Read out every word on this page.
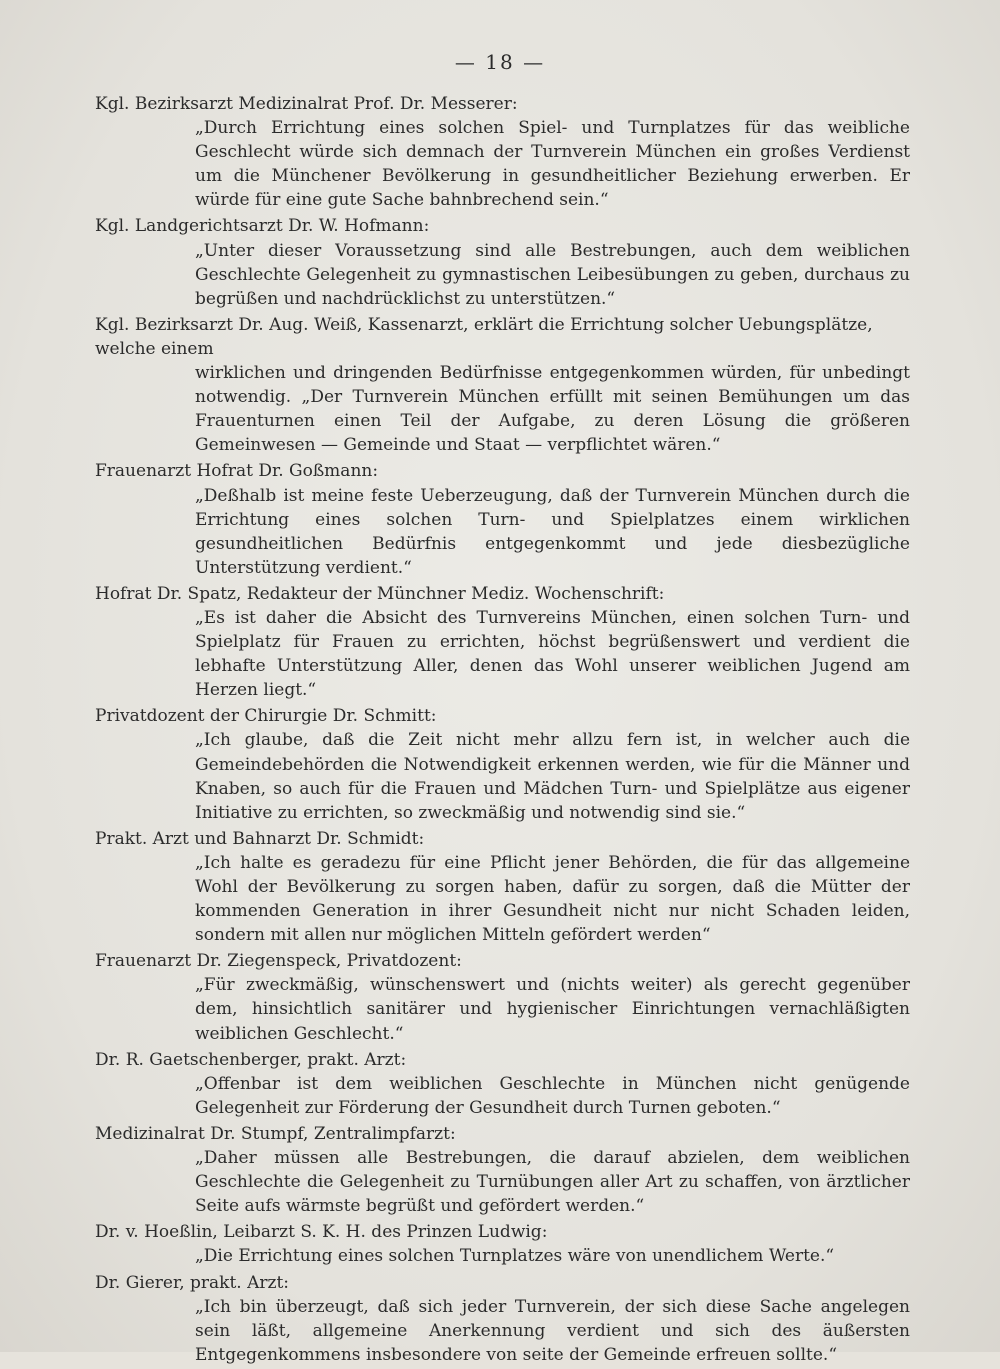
— 18 —
Kgl. Bezirksarzt Medizinalrat Prof. Dr. Messerer:
„Durch Errichtung eines solchen Spiel- und Turnplatzes für das weibliche Geschlecht würde sich demnach der Turnverein München ein großes Verdienst um die Münchener Bevölkerung in gesundheitlicher Beziehung erwerben. Er würde für eine gute Sache bahnbrechend sein.“
Kgl. Landgerichtsarzt Dr. W. Hofmann:
„Unter dieser Voraussetzung sind alle Bestrebungen, auch dem weiblichen Geschlechte Gelegenheit zu gymnastischen Leibesübungen zu geben, durchaus zu begrüßen und nachdrücklichst zu unterstützen.“
Kgl. Bezirksarzt Dr. Aug. Weiß, Kassenarzt, erklärt die Errichtung solcher Uebungsplätze, welche einem
wirklichen und dringenden Bedürfnisse entgegenkommen würden, für unbedingt notwendig. „Der Turnverein München erfüllt mit seinen Bemühungen um das Frauenturnen einen Teil der Aufgabe, zu deren Lösung die größeren Gemeinwesen — Gemeinde und Staat — verpflichtet wären.“
Frauenarzt Hofrat Dr. Goßmann:
„Deßhalb ist meine feste Ueberzeugung, daß der Turnverein München durch die Errichtung eines solchen Turn- und Spielplatzes einem wirklichen gesundheitlichen Bedürfnis entgegenkommt und jede diesbezügliche Unterstützung verdient.“
Hofrat Dr. Spatz, Redakteur der Münchner Mediz. Wochenschrift:
„Es ist daher die Absicht des Turnvereins München, einen solchen Turn- und Spielplatz für Frauen zu errichten, höchst begrüßenswert und verdient die lebhafte Unterstützung Aller, denen das Wohl unserer weiblichen Jugend am Herzen liegt.“
Privatdozent der Chirurgie Dr. Schmitt:
„Ich glaube, daß die Zeit nicht mehr allzu fern ist, in welcher auch die Gemeindebehörden die Notwendigkeit erkennen werden, wie für die Männer und Knaben, so auch für die Frauen und Mädchen Turn- und Spielplätze aus eigener Initiative zu errichten, so zweckmäßig und notwendig sind sie.“
Prakt. Arzt und Bahnarzt Dr. Schmidt:
„Ich halte es geradezu für eine Pflicht jener Behörden, die für das allgemeine Wohl der Bevölkerung zu sorgen haben, dafür zu sorgen, daß die Mütter der kommenden Generation in ihrer Gesundheit nicht nur nicht Schaden leiden, sondern mit allen nur möglichen Mitteln gefördert werden“
Frauenarzt Dr. Ziegenspeck, Privatdozent:
„Für zweckmäßig, wünschenswert und (nichts weiter) als gerecht gegenüber dem, hinsichtlich sanitärer und hygienischer Einrichtungen vernachläßigten weiblichen Geschlecht.“
Dr. R. Gaetschenberger, prakt. Arzt:
„Offenbar ist dem weiblichen Geschlechte in München nicht genügende Gelegenheit zur Förderung der Gesundheit durch Turnen geboten.“
Medizinalrat Dr. Stumpf, Zentralimpfarzt:
„Daher müssen alle Bestrebungen, die darauf abzielen, dem weiblichen Geschlechte die Gelegenheit zu Turnübungen aller Art zu schaffen, von ärztlicher Seite aufs wärmste begrüßt und gefördert werden.“
Dr. v. Hoeßlin, Leibarzt S. K. H. des Prinzen Ludwig:
„Die Errichtung eines solchen Turnplatzes wäre von unendlichem Werte.“
Dr. Gierer, prakt. Arzt:
„Ich bin überzeugt, daß sich jeder Turnverein, der sich diese Sache angelegen sein läßt, allgemeine Anerkennung verdient und sich des äußersten Entgegenkommens insbesondere von seite der Gemeinde erfreuen sollte.“
